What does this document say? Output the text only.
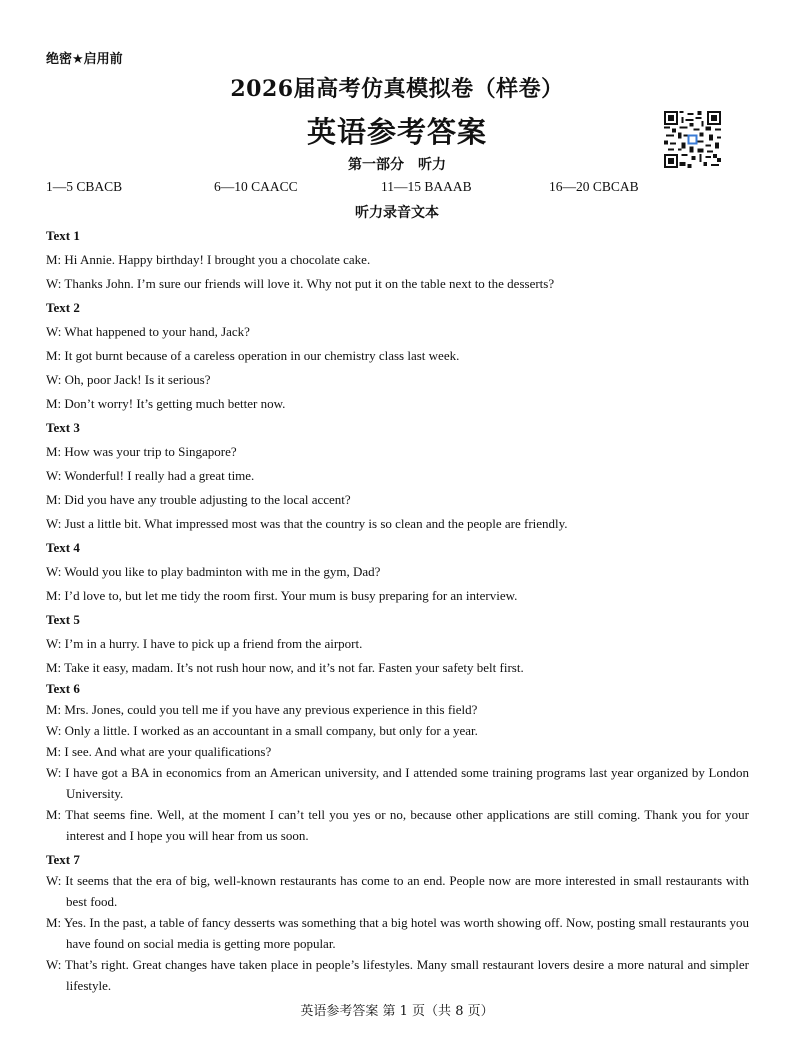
绝密★启用前
2026届高考仿真模拟卷（样卷）
英语参考答案
第一部分　听力
1—5 CBACB	6—10 CAACC	11—15 BAAAB	16—20 CBCAB
听力录音文本
Text 1
M: Hi Annie. Happy birthday! I brought you a chocolate cake.
W: Thanks John. I’m sure our friends will love it. Why not put it on the table next to the desserts?
Text 2
W: What happened to your hand, Jack?
M: It got burnt because of a careless operation in our chemistry class last week.
W: Oh, poor Jack! Is it serious?
M: Don’t worry! It’s getting much better now.
Text 3
M: How was your trip to Singapore?
W: Wonderful! I really had a great time.
M: Did you have any trouble adjusting to the local accent?
W: Just a little bit. What impressed most was that the country is so clean and the people are friendly.
Text 4
W: Would you like to play badminton with me in the gym, Dad?
M: I’d love to, but let me tidy the room first. Your mum is busy preparing for an interview.
Text 5
W: I’m in a hurry. I have to pick up a friend from the airport.
M: Take it easy, madam. It’s not rush hour now, and it’s not far. Fasten your safety belt first.
Text 6
M: Mrs. Jones, could you tell me if you have any previous experience in this field?
W: Only a little. I worked as an accountant in a small company, but only for a year.
M: I see. And what are your qualifications?
W: I have got a BA in economics from an American university, and I attended some training programs last year organized by London University.
M: That seems fine. Well, at the moment I can’t tell you yes or no, because other applications are still coming. Thank you for your interest and I hope you will hear from us soon.
Text 7
W: It seems that the era of big, well-known restaurants has come to an end. People now are more interested in small restaurants with best food.
M: Yes. In the past, a table of fancy desserts was something that a big hotel was worth showing off. Now, posting small restaurants you have found on social media is getting more popular.
W: That’s right. Great changes have taken place in people’s lifestyles. Many small restaurant lovers desire a more natural and simpler lifestyle.
英语参考答案 第 1 页（共 8 页）
